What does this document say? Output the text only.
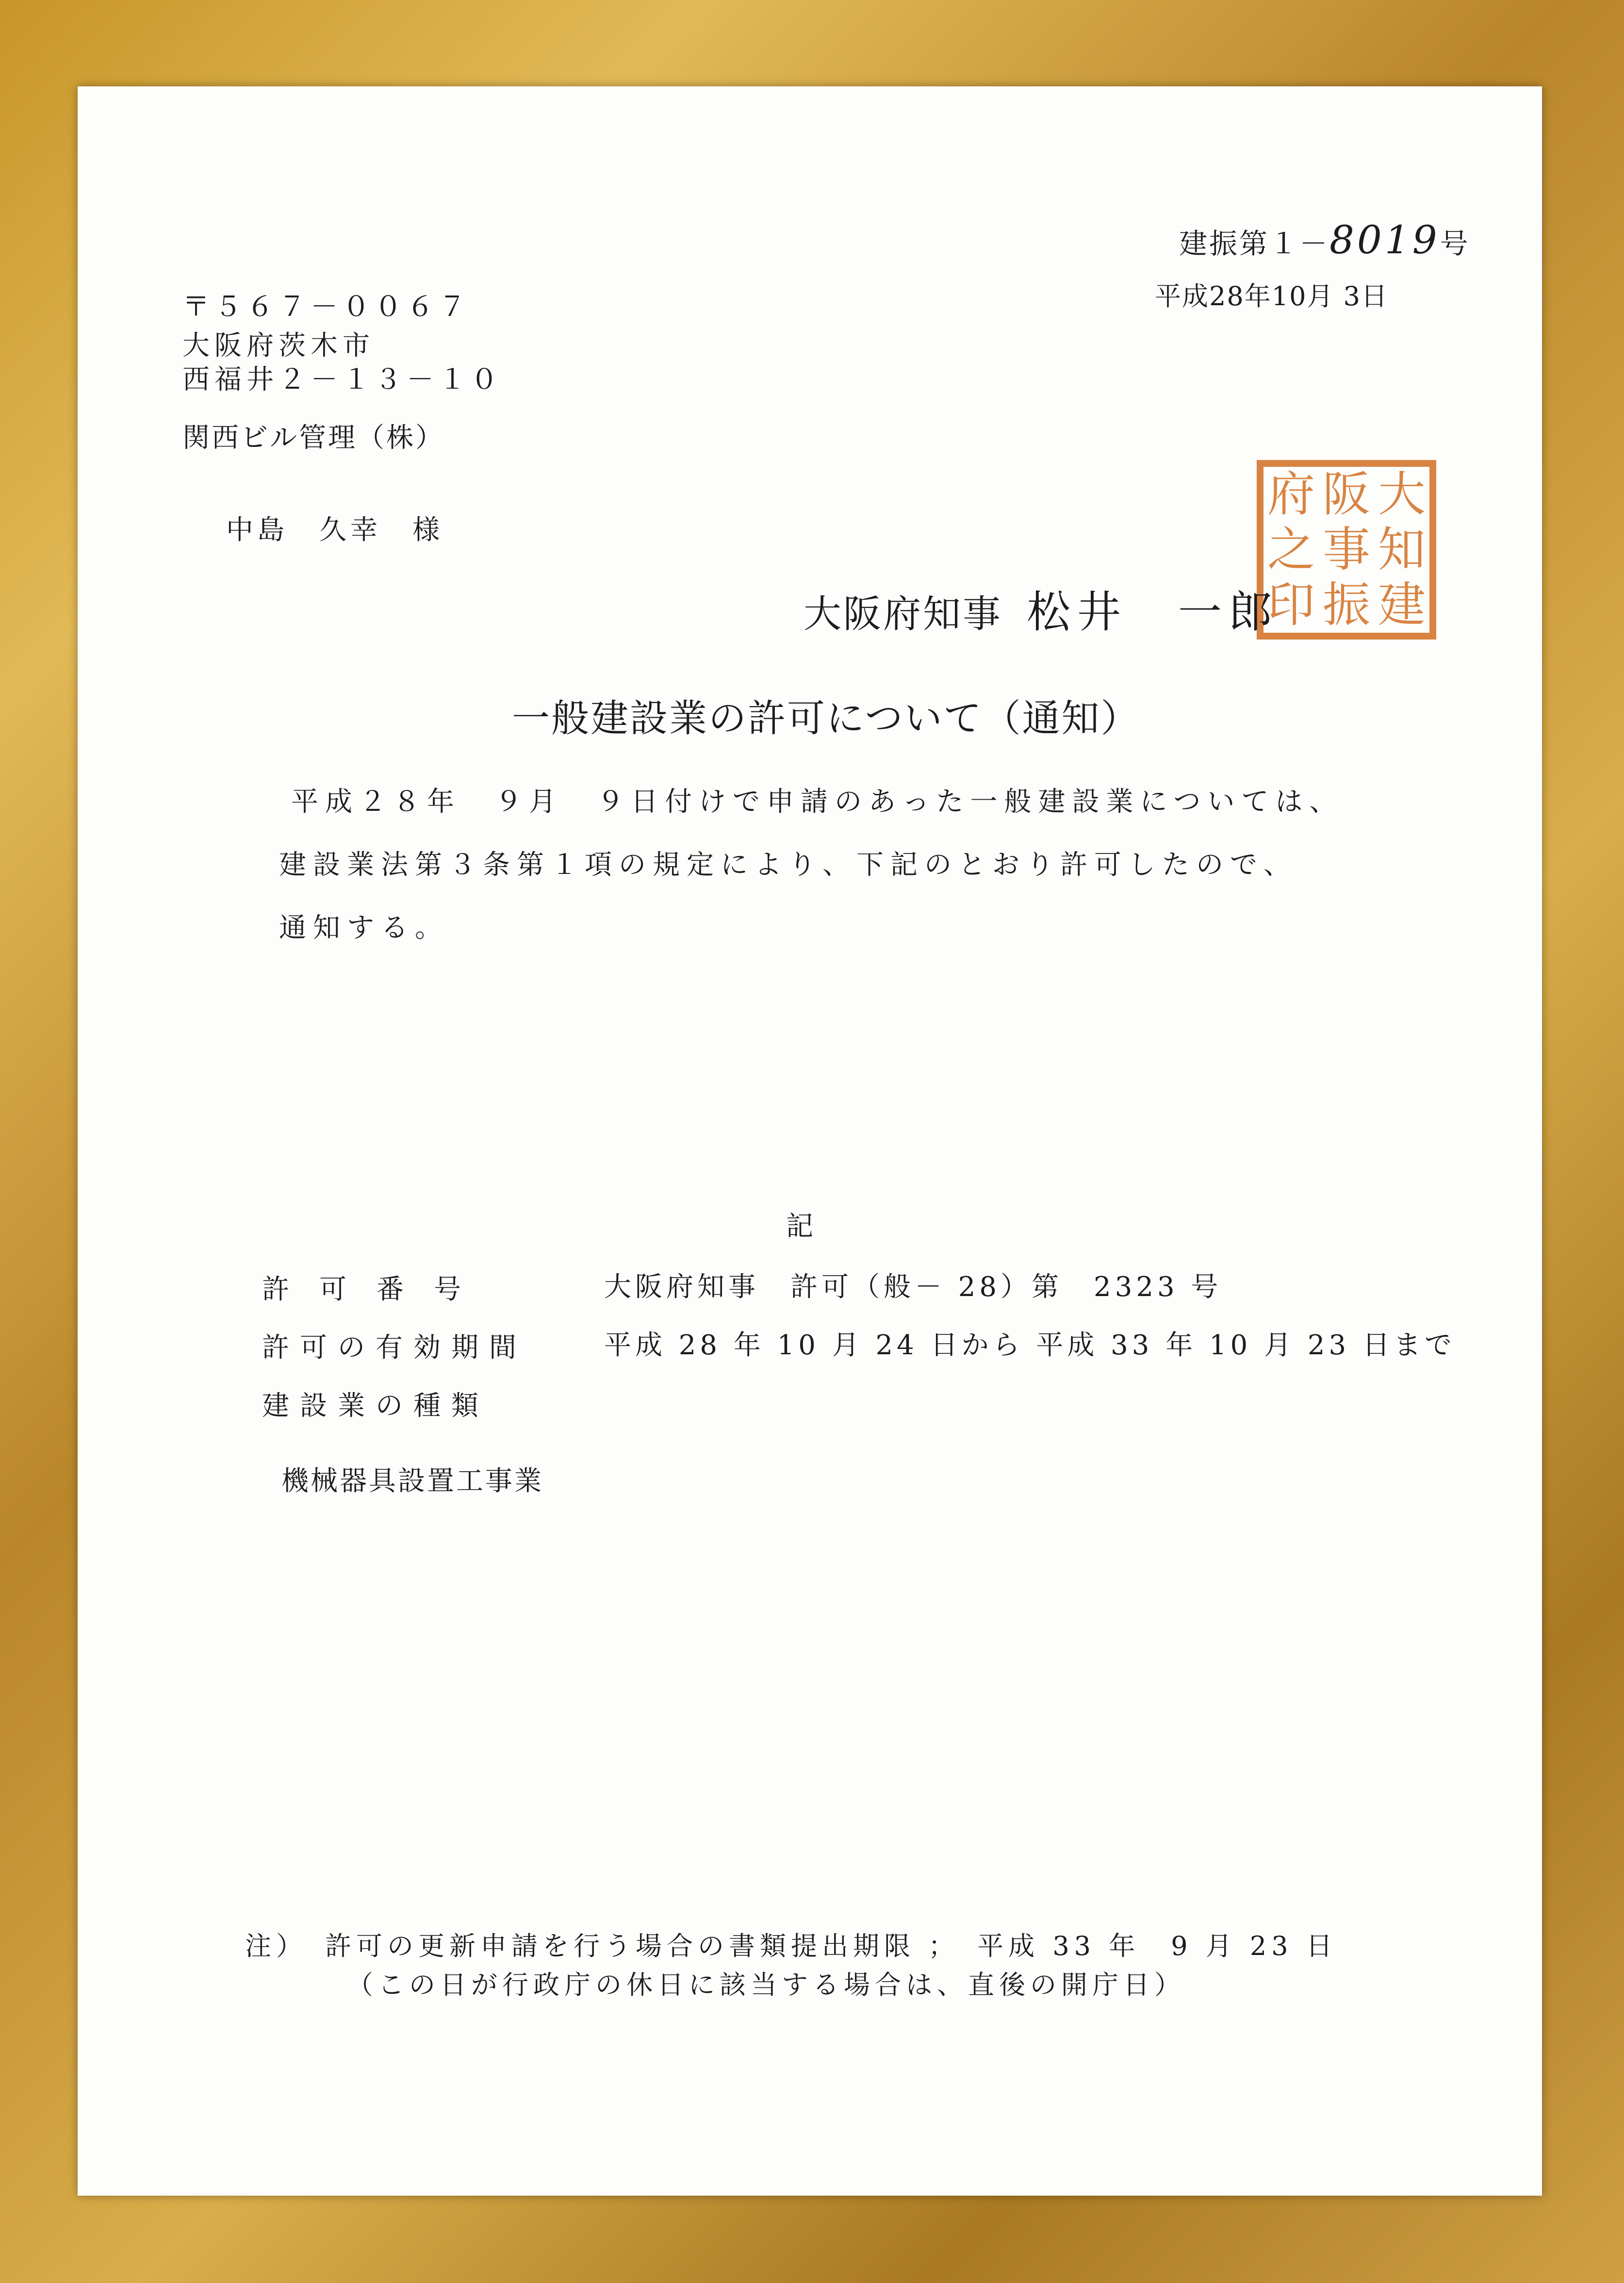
建振第１－8019号
平成28年10月 3日
〒５６７－００６７
大阪府茨木市
西福井２－１３－１０
関西ビル管理（株）
中島　久幸　様
府 阪 大
之 事 知
印 振 建
大阪府知事 松井　一郎
一般建設業の許可について（通知）
平成２８年　９月　９日付けで申請のあった一般建設業については、
建設業法第３条第１項の規定により、下記のとおり許可したので、
通知する。
記
許可番号	大阪府知事　許可（般－ 28）第　2323 号
許可の有効期間	平成 28 年 10 月 24 日から 平成 33 年 10 月 23 日まで
建設業の種類
機械器具設置工事業
注）　許可の更新申請を行う場合の書類提出期限 ；　平成 33 年　9 月 23 日
（この日が行政庁の休日に該当する場合は、直後の開庁日）
